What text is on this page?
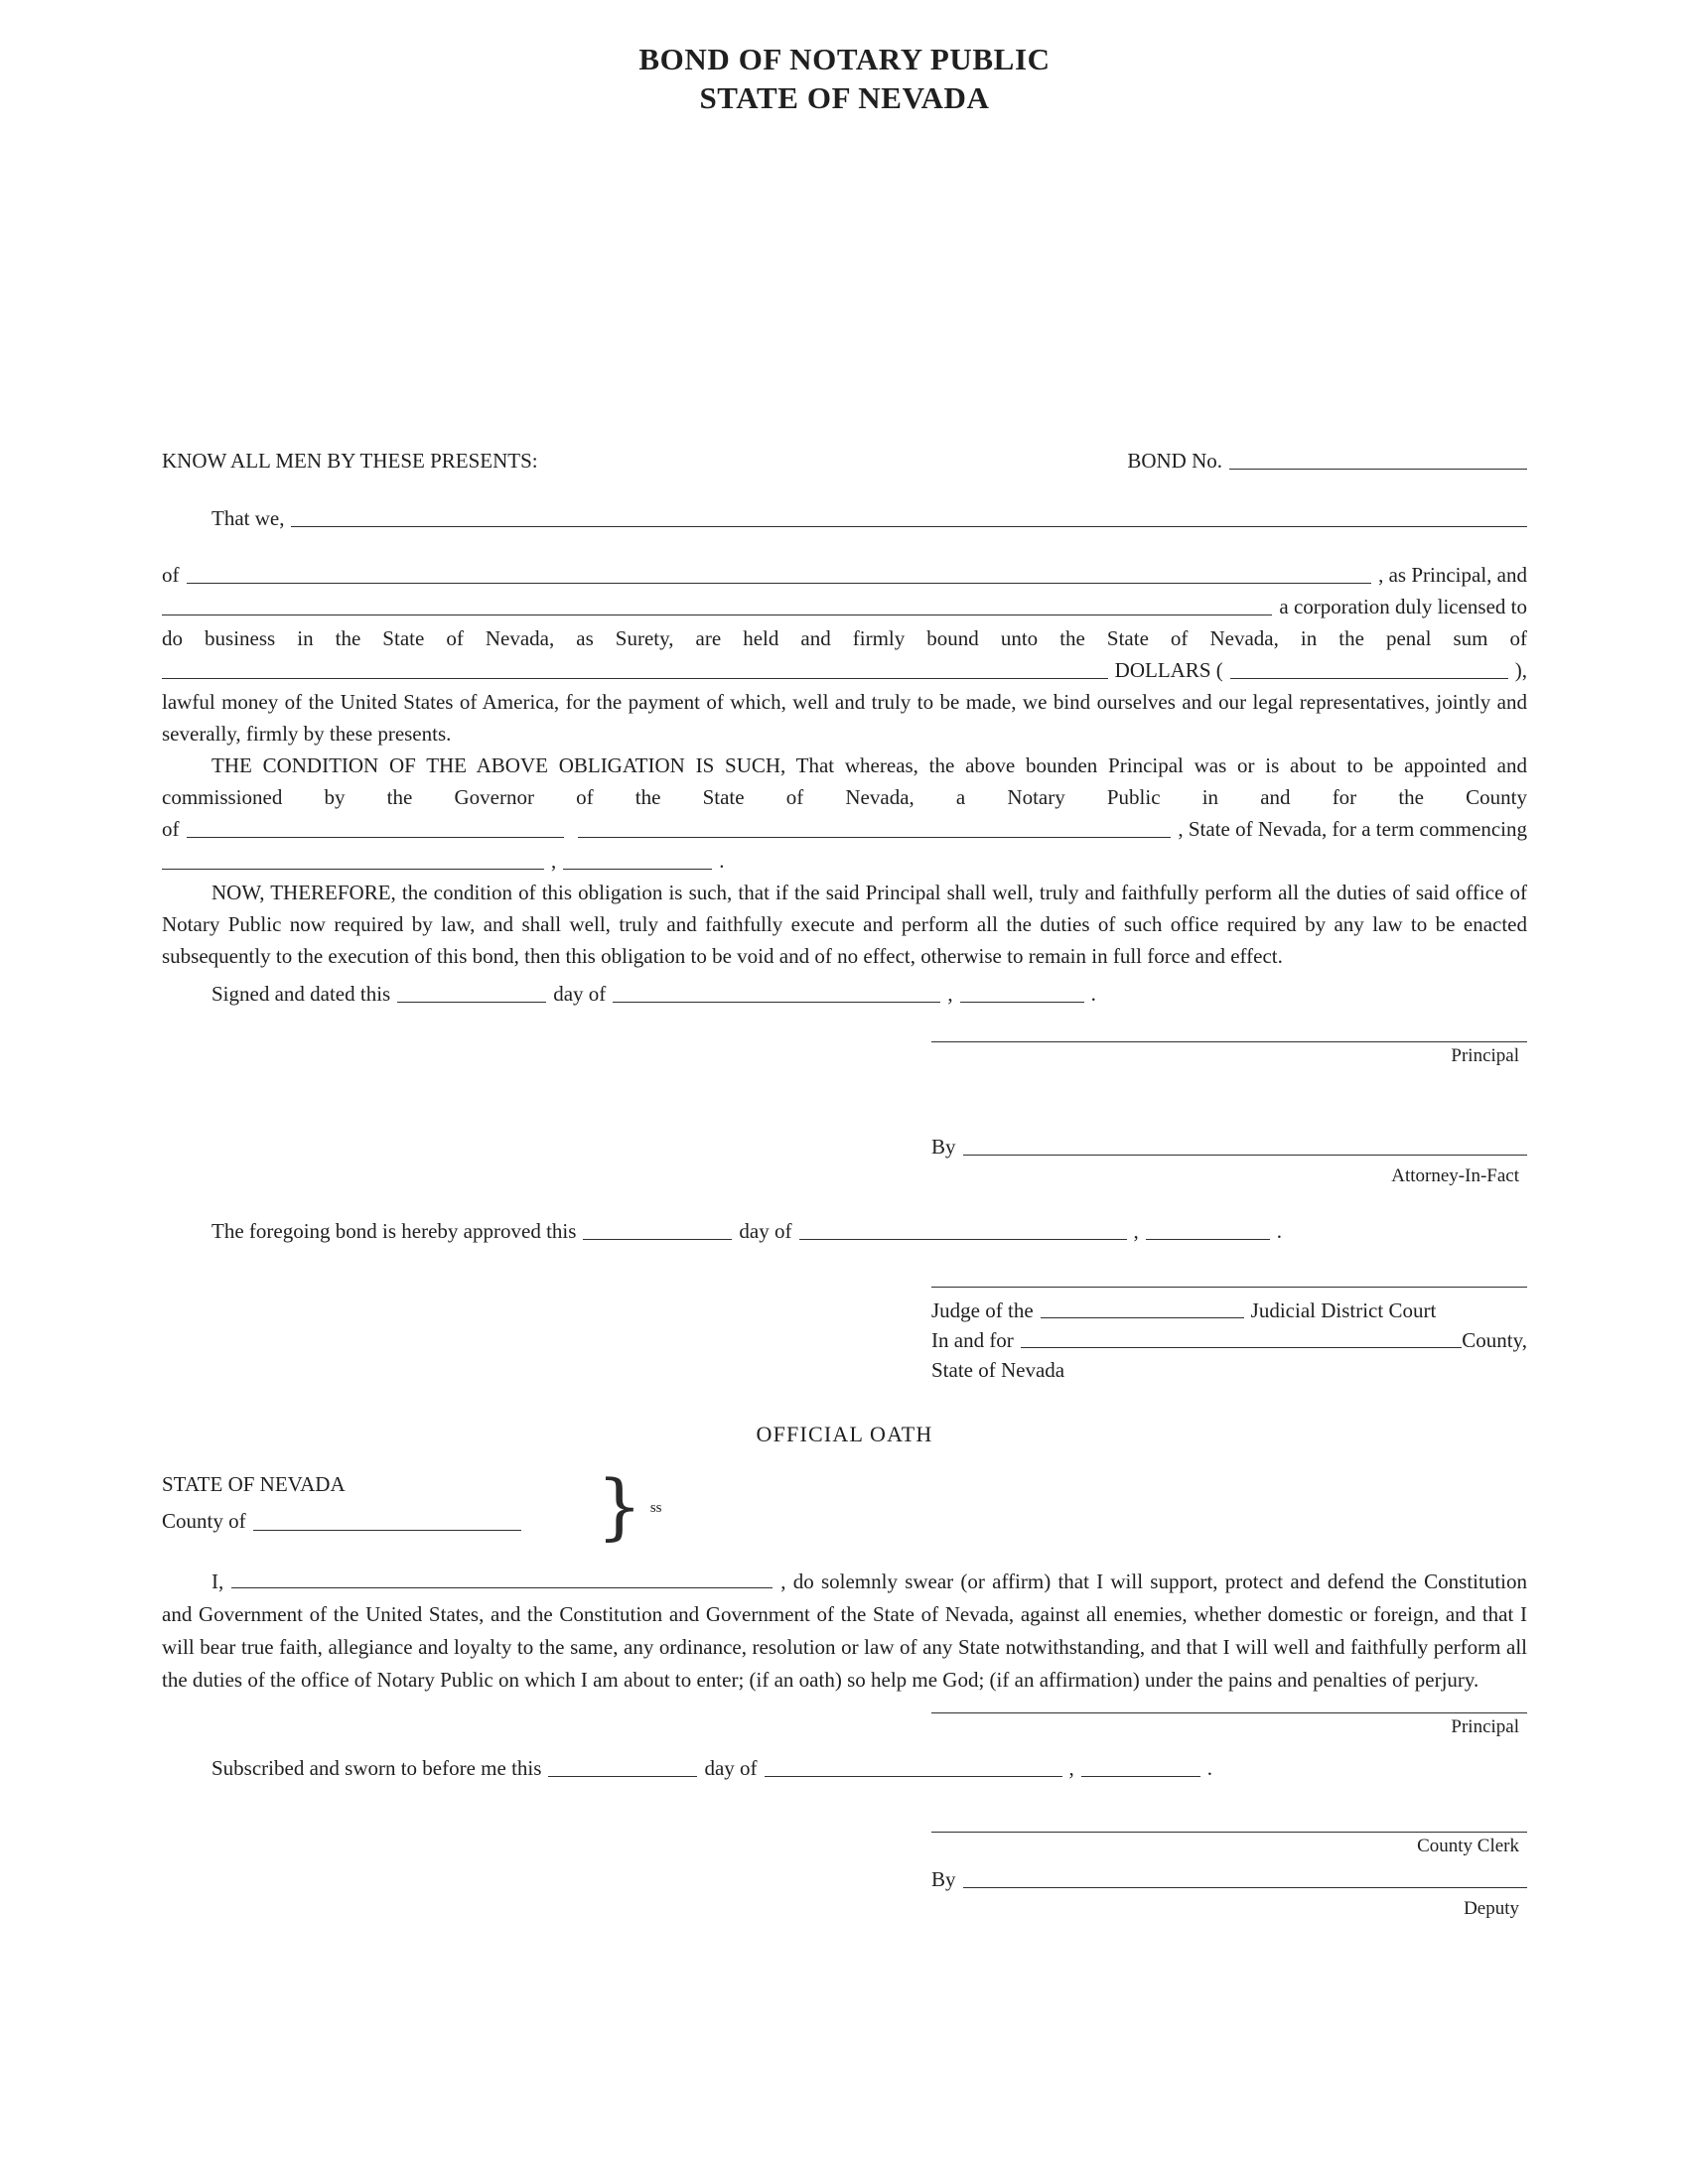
BOND OF NOTARY PUBLIC
STATE OF NEVADA
KNOW ALL MEN BY THESE PRESENTS:	BOND No.
That we,
of	, as Principal, and
a corporation duly licensed to
do business in the State of Nevada, as Surety, are held and firmly bound unto the State of Nevada, in the penal sum of
DOLLARS (	),
lawful money of the United States of America, for the payment of which, well and truly to be made, we bind ourselves and our legal representatives, jointly and severally, firmly by these presents.
THE CONDITION OF THE ABOVE OBLIGATION IS SUCH, That whereas, the above bounden Principal was or is about to be appointed and commissioned by the Governor of the State of Nevada, a Notary Public in and for the County
of	, State of Nevada, for a term commencing
,	.
NOW, THEREFORE, the condition of this obligation is such, that if the said Principal shall well, truly and faithfully perform all the duties of said office of Notary Public now required by law, and shall well, truly and faithfully execute and perform all the duties of such office required by any law to be enacted subsequently to the execution of this bond, then this obligation to be void and of no effect, otherwise to remain in full force and effect.
Signed and dated this	day of	,	.
Principal
By
Attorney-In-Fact
The foregoing bond is hereby approved this	day of	,	.
Judge of the	Judicial District Court
In and for	County,
State of Nevada
OFFICIAL OATH
STATE OF NEVADA
County of	} ss
I,	, do solemnly swear (or affirm) that I will support, protect and defend the Constitution and Government of the United States, and the Constitution and Government of the State of Nevada, against all enemies, whether domestic or foreign, and that I will bear true faith, allegiance and loyalty to the same, any ordinance, resolution or law of any State notwithstanding, and that I will well and faithfully perform all the duties of the office of Notary Public on which I am about to enter; (if an oath) so help me God; (if an affirmation) under the pains and penalties of perjury.
Principal
Subscribed and sworn to before me this	day of	,	.
County Clerk
By
Deputy
